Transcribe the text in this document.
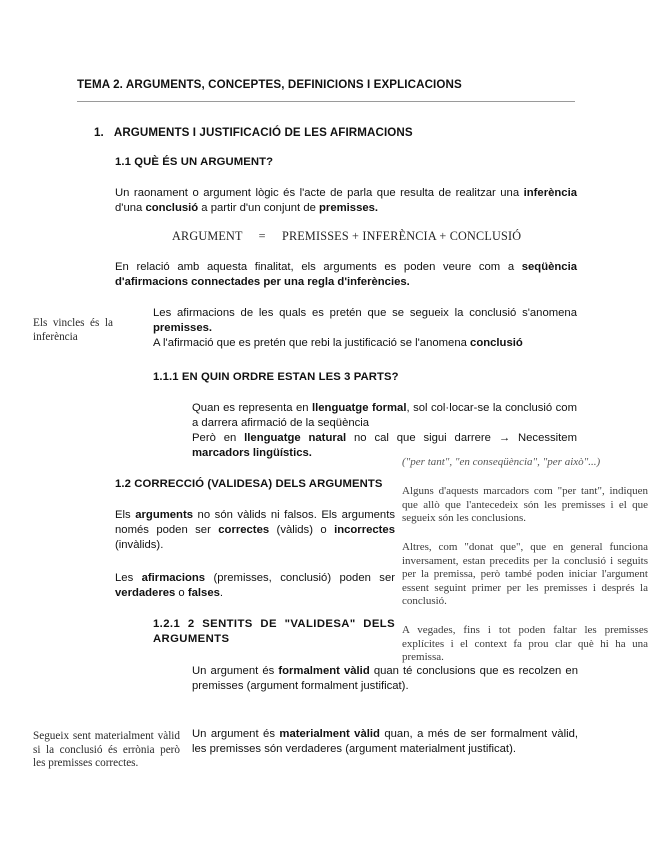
TEMA 2. ARGUMENTS, CONCEPTES, DEFINICIONS I EXPLICACIONS
1. ARGUMENTS I JUSTIFICACIÓ DE LES AFIRMACIONS
1.1 QUÈ ÉS UN ARGUMENT?
Un raonament o argument lògic és l'acte de parla que resulta de realitzar una inferència d'una conclusió a partir d'un conjunt de premisses.
ARGUMENT     =     PREMISSES + INFERÈNCIA + CONCLUSIÓ
En relació amb aquesta finalitat, els arguments es poden veure com a seqüència d'afirmacions connectades per una regla d'inferències.
Els vincles és la inferència
Les afirmacions de les quals es pretén que se segueix la conclusió s'anomena premisses.
A l'afirmació que es pretén que rebi la justificació se l'anomena conclusió
1.1.1 EN QUIN ORDRE ESTAN LES 3 PARTS?
Quan es representa en llenguatge formal, sol col·locar-se la conclusió com a darrera afirmació de la seqüència
Però en llenguatge natural no cal que sigui darrere → Necessitem marcadors lingüístics.
("per tant", "en conseqüència", "per això"...)
Alguns d'aquests marcadors com "per tant", indiquen que allò que l'antecedeix són les premisses i el que segueix són les conclusions.
Altres, com "donat que", que en general funciona inversament, estan precedits per la conclusió i seguits per la premissa, però també poden iniciar l'argument essent seguint primer per les premisses i després la conclusió.
A vegades, fins i tot poden faltar les premisses explícites i el context fa prou clar què hi ha una premissa.
1.2 CORRECCIÓ (VALIDESA) DELS ARGUMENTS
Els arguments no són vàlids ni falsos. Els arguments només poden ser correctes (vàlids) o incorrectes (invàlids).
Les afirmacions (premisses, conclusió) poden ser verdaderes o falses.
1.2.1 2 SENTITS DE "VALIDESA" DELS ARGUMENTS
Un argument és formalment vàlid quan té conclusions que es recolzen en premisses (argument formalment justificat).
Un argument és materialment vàlid quan, a més de ser formalment vàlid, les premisses són verdaderes (argument materialment justificat).
Segueix sent materialment vàlid si la conclusió és errònia però les premisses correctes.
